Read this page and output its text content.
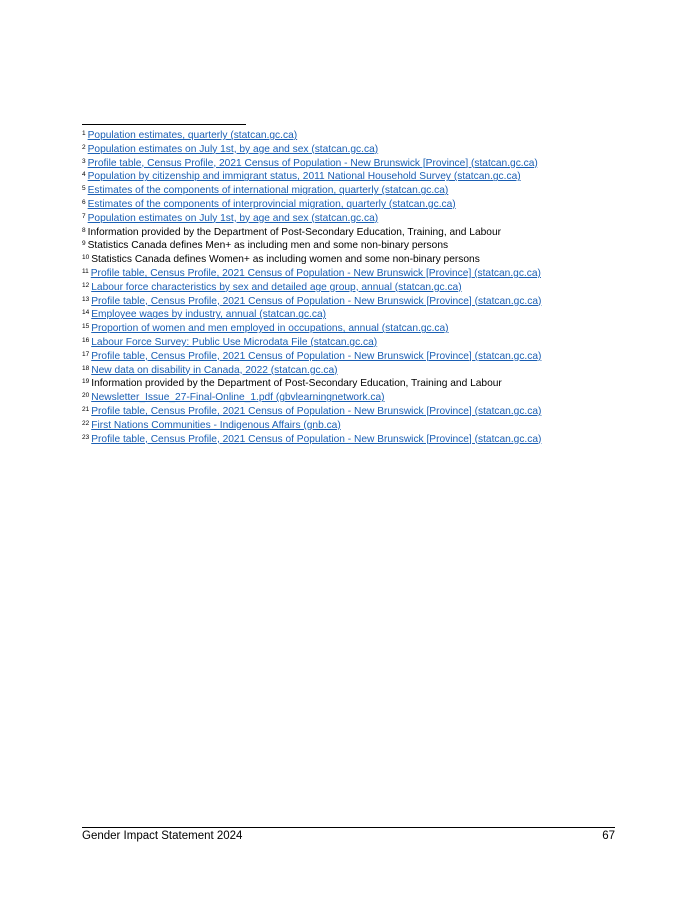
$^1$ Population estimates, quarterly (statcan.gc.ca)
$^2$ Population estimates on July 1st, by age and sex (statcan.gc.ca)
$^3$ Profile table, Census Profile, 2021 Census of Population - New Brunswick [Province] (statcan.gc.ca)
$^4$ Population by citizenship and immigrant status, 2011 National Household Survey (statcan.gc.ca)
$^5$ Estimates of the components of international migration, quarterly (statcan.gc.ca)
$^6$ Estimates of the components of interprovincial migration, quarterly (statcan.gc.ca)
$^7$ Population estimates on July 1st, by age and sex (statcan.gc.ca)
$^8$ Information provided by the Department of Post-Secondary Education, Training, and Labour
$^9$ Statistics Canada defines Men+ as including men and some non-binary persons
$^{10}$ Statistics Canada defines Women+ as including women and some non-binary persons
$^{11}$ Profile table, Census Profile, 2021 Census of Population - New Brunswick [Province] (statcan.gc.ca)
$^{12}$ Labour force characteristics by sex and detailed age group, annual (statcan.gc.ca)
$^{13}$ Profile table, Census Profile, 2021 Census of Population - New Brunswick [Province] (statcan.gc.ca)
$^{14}$ Employee wages by industry, annual (statcan.gc.ca)
$^{15}$ Proportion of women and men employed in occupations, annual (statcan.gc.ca)
$^{16}$ Labour Force Survey: Public Use Microdata File (statcan.gc.ca)
$^{17}$ Profile table, Census Profile, 2021 Census of Population - New Brunswick [Province] (statcan.gc.ca)
$^{18}$ New data on disability in Canada, 2022 (statcan.gc.ca)
$^{19}$ Information provided by the Department of Post-Secondary Education, Training and Labour
$^{20}$ Newsletter_Issue_27-Final-Online_1.pdf (gbvlearningnetwork.ca)
$^{21}$ Profile table, Census Profile, 2021 Census of Population - New Brunswick [Province] (statcan.gc.ca)
$^{22}$ First Nations Communities - Indigenous Affairs (gnb.ca)
$^{23}$ Profile table, Census Profile, 2021 Census of Population - New Brunswick [Province] (statcan.gc.ca)
Gender Impact Statement 2024	67
